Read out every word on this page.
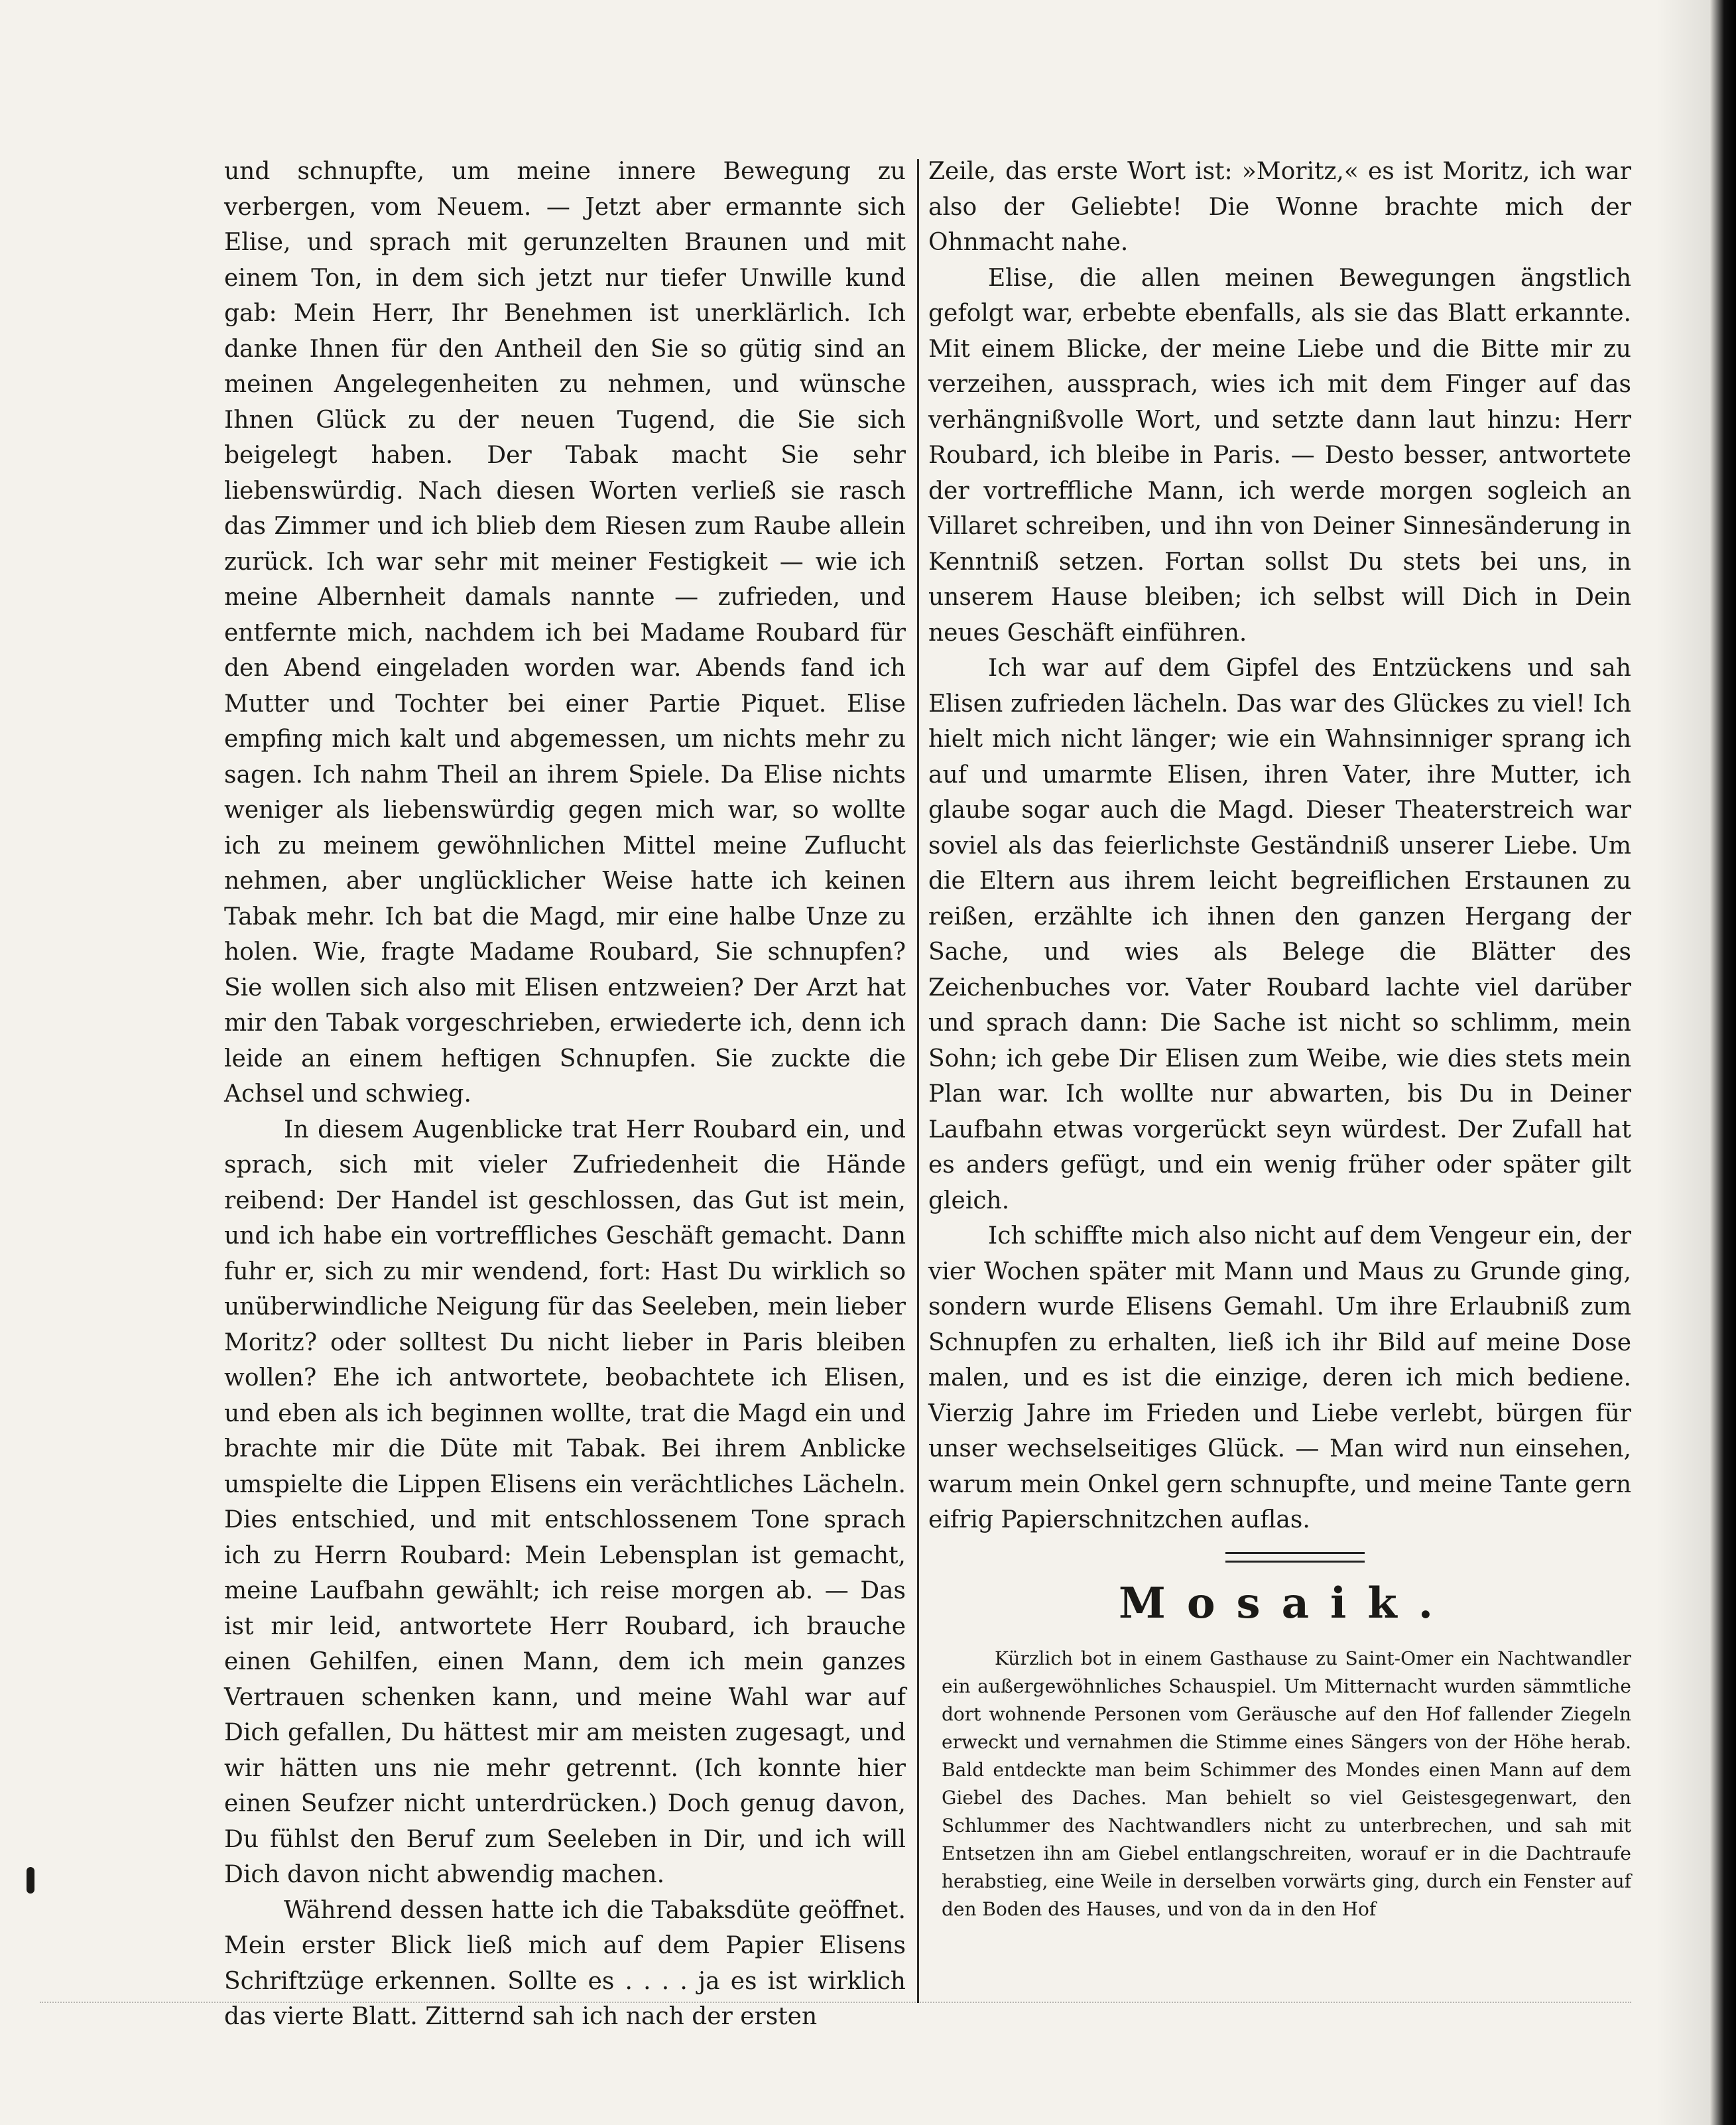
und schnupfte, um meine innere Bewegung zu verbergen, vom Neuem. — Jetzt aber ermannte sich Elise, und sprach mit gerunzelten Braunen und mit einem Ton, in dem sich jetzt nur tiefer Unwille kund gab: Mein Herr, Ihr Benehmen ist unerklärlich. Ich danke Ihnen für den Antheil den Sie so gütig sind an meinen Angelegenheiten zu nehmen, und wünsche Ihnen Glück zu der neuen Tugend, die Sie sich beigelegt haben. Der Tabak macht Sie sehr liebenswürdig. Nach diesen Worten verließ sie rasch das Zimmer und ich blieb dem Riesen zum Raube allein zurück. Ich war sehr mit meiner Festigkeit — wie ich meine Albernheit damals nannte — zufrieden, und entfernte mich, nachdem ich bei Madame Roubard für den Abend eingeladen worden war. Abends fand ich Mutter und Tochter bei einer Partie Piquet. Elise empfing mich kalt und abgemessen, um nichts mehr zu sagen. Ich nahm Theil an ihrem Spiele. Da Elise nichts weniger als liebenswürdig gegen mich war, so wollte ich zu meinem gewöhnlichen Mittel meine Zuflucht nehmen, aber unglücklicher Weise hatte ich keinen Tabak mehr. Ich bat die Magd, mir eine halbe Unze zu holen. Wie, fragte Madame Roubard, Sie schnupfen? Sie wollen sich also mit Elisen entzweien? Der Arzt hat mir den Tabak vorgeschrieben, erwiederte ich, denn ich leide an einem heftigen Schnupfen. Sie zuckte die Achsel und schwieg.

In diesem Augenblicke trat Herr Roubard ein, und sprach, sich mit vieler Zufriedenheit die Hände reibend: Der Handel ist geschlossen, das Gut ist mein, und ich habe ein vortreffliches Geschäft gemacht. Dann fuhr er, sich zu mir wendend, fort: Hast Du wirklich so unüberwindliche Neigung für das Seeleben, mein lieber Moritz? oder solltest Du nicht lieber in Paris bleiben wollen? Ehe ich antwortete, beobachtete ich Elisen, und eben als ich beginnen wollte, trat die Magd ein und brachte mir die Düte mit Tabak. Bei ihrem Anblicke umspielte die Lippen Elisens ein verächtliches Lächeln. Dies entschied, und mit entschlossenem Tone sprach ich zu Herrn Roubard: Mein Lebensplan ist gemacht, meine Laufbahn gewählt; ich reise morgen ab. — Das ist mir leid, antwortete Herr Roubard, ich brauche einen Gehilfen, einen Mann, dem ich mein ganzes Vertrauen schenken kann, und meine Wahl war auf Dich gefallen, Du hättest mir am meisten zugesagt, und wir hätten uns nie mehr getrennt. (Ich konnte hier einen Seufzer nicht unterdrücken.) Doch genug davon, Du fühlst den Beruf zum Seeleben in Dir, und ich will Dich davon nicht abwendig machen.

Während dessen hatte ich die Tabaksdüte geöffnet. Mein erster Blick ließ mich auf dem Papier Elisens Schriftzüge erkennen. Sollte es . . . . ja es ist wirklich das vierte Blatt. Zitternd sah ich nach der ersten

Zeile, das erste Wort ist: »Moritz,« es ist Moritz, ich war also der Geliebte! Die Wonne brachte mich der Ohnmacht nahe.

Elise, die allen meinen Bewegungen ängstlich gefolgt war, erbebte ebenfalls, als sie das Blatt erkannte. Mit einem Blicke, der meine Liebe und die Bitte mir zu verzeihen, aussprach, wies ich mit dem Finger auf das verhängnißvolle Wort, und setzte dann laut hinzu: Herr Roubard, ich bleibe in Paris. — Desto besser, antwortete der vortreffliche Mann, ich werde morgen sogleich an Villaret schreiben, und ihn von Deiner Sinnesänderung in Kenntniß setzen. Fortan sollst Du stets bei uns, in unserem Hause bleiben; ich selbst will Dich in Dein neues Geschäft einführen.

Ich war auf dem Gipfel des Entzückens und sah Elisen zufrieden lächeln. Das war des Glückes zu viel! Ich hielt mich nicht länger; wie ein Wahnsinniger sprang ich auf und umarmte Elisen, ihren Vater, ihre Mutter, ich glaube sogar auch die Magd. Dieser Theaterstreich war soviel als das feierlichste Geständniß unserer Liebe. Um die Eltern aus ihrem leicht begreiflichen Erstaunen zu reißen, erzählte ich ihnen den ganzen Hergang der Sache, und wies als Belege die Blätter des Zeichenbuches vor. Vater Roubard lachte viel darüber und sprach dann: Die Sache ist nicht so schlimm, mein Sohn; ich gebe Dir Elisen zum Weibe, wie dies stets mein Plan war. Ich wollte nur abwarten, bis Du in Deiner Laufbahn etwas vorgerückt seyn würdest. Der Zufall hat es anders gefügt, und ein wenig früher oder später gilt gleich.

Ich schiffte mich also nicht auf dem Vengeur ein, der vier Wochen später mit Mann und Maus zu Grunde ging, sondern wurde Elisens Gemahl. Um ihre Erlaubniß zum Schnupfen zu erhalten, ließ ich ihr Bild auf meine Dose malen, und es ist die einzige, deren ich mich bediene. Vierzig Jahre im Frieden und Liebe verlebt, bürgen für unser wechselseitiges Glück. — Man wird nun einsehen, warum mein Onkel gern schnupfte, und meine Tante gern eifrig Papierschnitzchen auflas.

Mosaik.

Kürzlich bot in einem Gasthause zu Saint-Omer ein Nachtwandler ein außergewöhnliches Schauspiel. Um Mitternacht wurden sämmtliche dort wohnende Personen vom Geräusche auf den Hof fallender Ziegeln erweckt und vernahmen die Stimme eines Sängers von der Höhe herab. Bald entdeckte man beim Schimmer des Mondes einen Mann auf dem Giebel des Daches. Man behielt so viel Geistesgegenwart, den Schlummer des Nachtwandlers nicht zu unterbrechen, und sah mit Entsetzen ihn am Giebel entlangschreiten, worauf er in die Dachtraufe herabstieg, eine Weile in derselben vorwärts ging, durch ein Fenster auf den Boden des Hauses, und von da in den Hof
